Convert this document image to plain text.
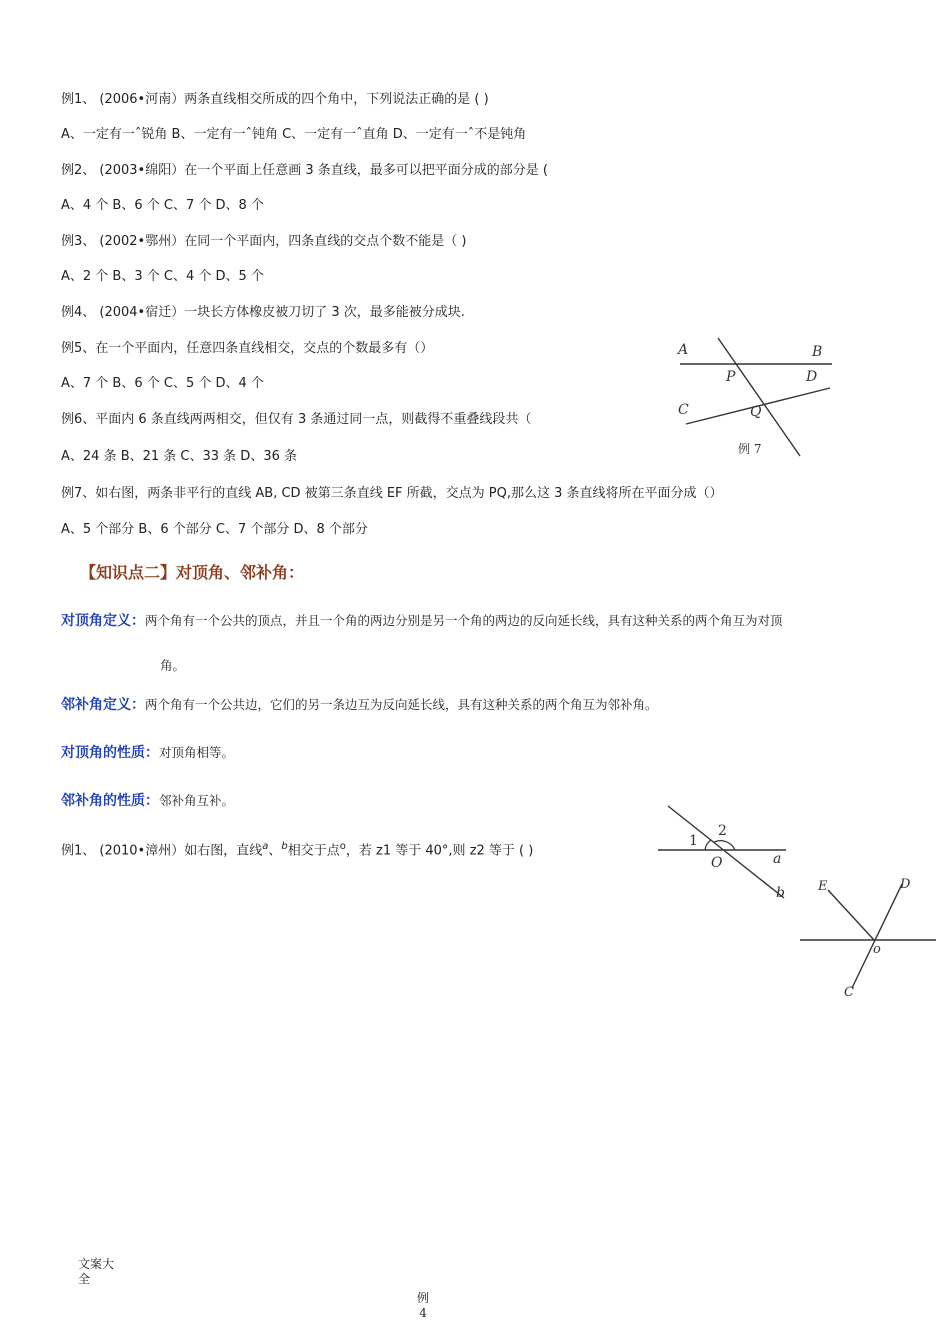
例1、 (2006•河南）两条直线相交所成的四个角中，下列说法正确的是 ( )
A、一定有一ˆ锐角 B、一定有一ˆ钝角 C、一定有一ˆ直角 D、一定有一ˆ不是钝角
例2、 (2003•绵阳）在一个平面上任意画 3 条直线，最多可以把平面分成的部分是 (
A、4 个 B、6 个 C、7 个 D、8 个
例3、 (2002•鄂州）在同一个平面内，四条直线的交点个数不能是（ )
A、2 个 B、3 个 C、4 个 D、5 个
例4、 (2004•宿迁）一块长方体橡皮被刀切了 3 次，最多能被分成块.
例5、在一个平面内，任意四条直线相交，交点的个数最多有（）
A、7 个 B、6 个 C、5 个 D、4 个
例6、平面内 6 条直线两两相交，但仅有 3 条通过同一点，则截得不重叠线段共（
A、24 条 B、21 条 C、33 条 D、36 条
例7、如右图，两条非平行的直线 AB, CD 被第三条直线 EF 所截，交点为 PQ,那么这 3 条直线将所在平面分成（）
A、5 个部分 B、6 个部分 C、7 个部分 D、8 个部分
A	B
P	D
C	Q
例 7
【知识点二】对顶角、邻补角：
对顶角定义：两个角有一个公共的顶点，并且一个角的两边分别是另一个角的两边的反向延长线，具有这种关系的两个角互为对顶
角。
邻补角定义：两个角有一个公共边，它们的另一条边互为反向延长线，具有这种关系的两个角互为邻补角。
对顶角的性质：对顶角相等。
邻补角的性质：邻补角互补。
例1、 (2010•漳州）如右图，直线$^a$、$^b$相交于点$^o$，若 z1 等于 40°,则 z2 等于 ( )
1
2
O	a
b	E	D
o
C
文案大
全
例
4
